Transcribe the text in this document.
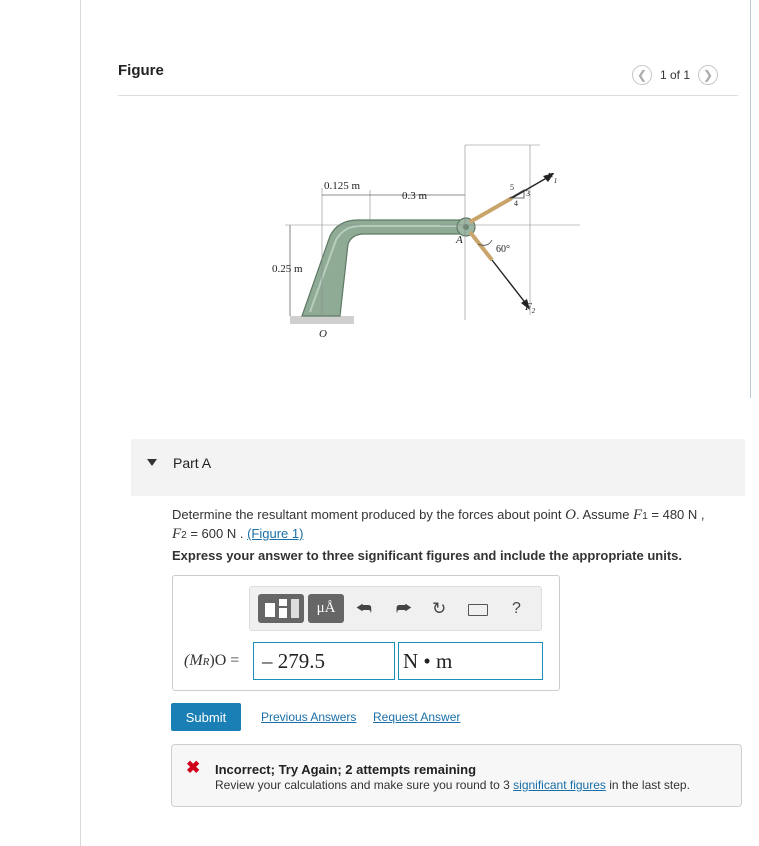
Figure	❮	1 of 1	❯
0.125 m
0.3 m
0.25 m
O
A
60°
5
3
4
$F_1$
$F_2$
Part A
Determine the resultant moment produced by the forces about point O. Assume F1 = 480 N ,
F2 = 600 N . (Figure 1)
Express your answer to three significant figures and include the appropriate units.
μÅ	⮪ ⮫ ↻	?
(MR)O =	– 279.5	N • m
Submit	Previous Answers Request Answer
✖ Incorrect; Try Again; 2 attempts remaining
Review your calculations and make sure you round to 3 significant figures in the last step.
